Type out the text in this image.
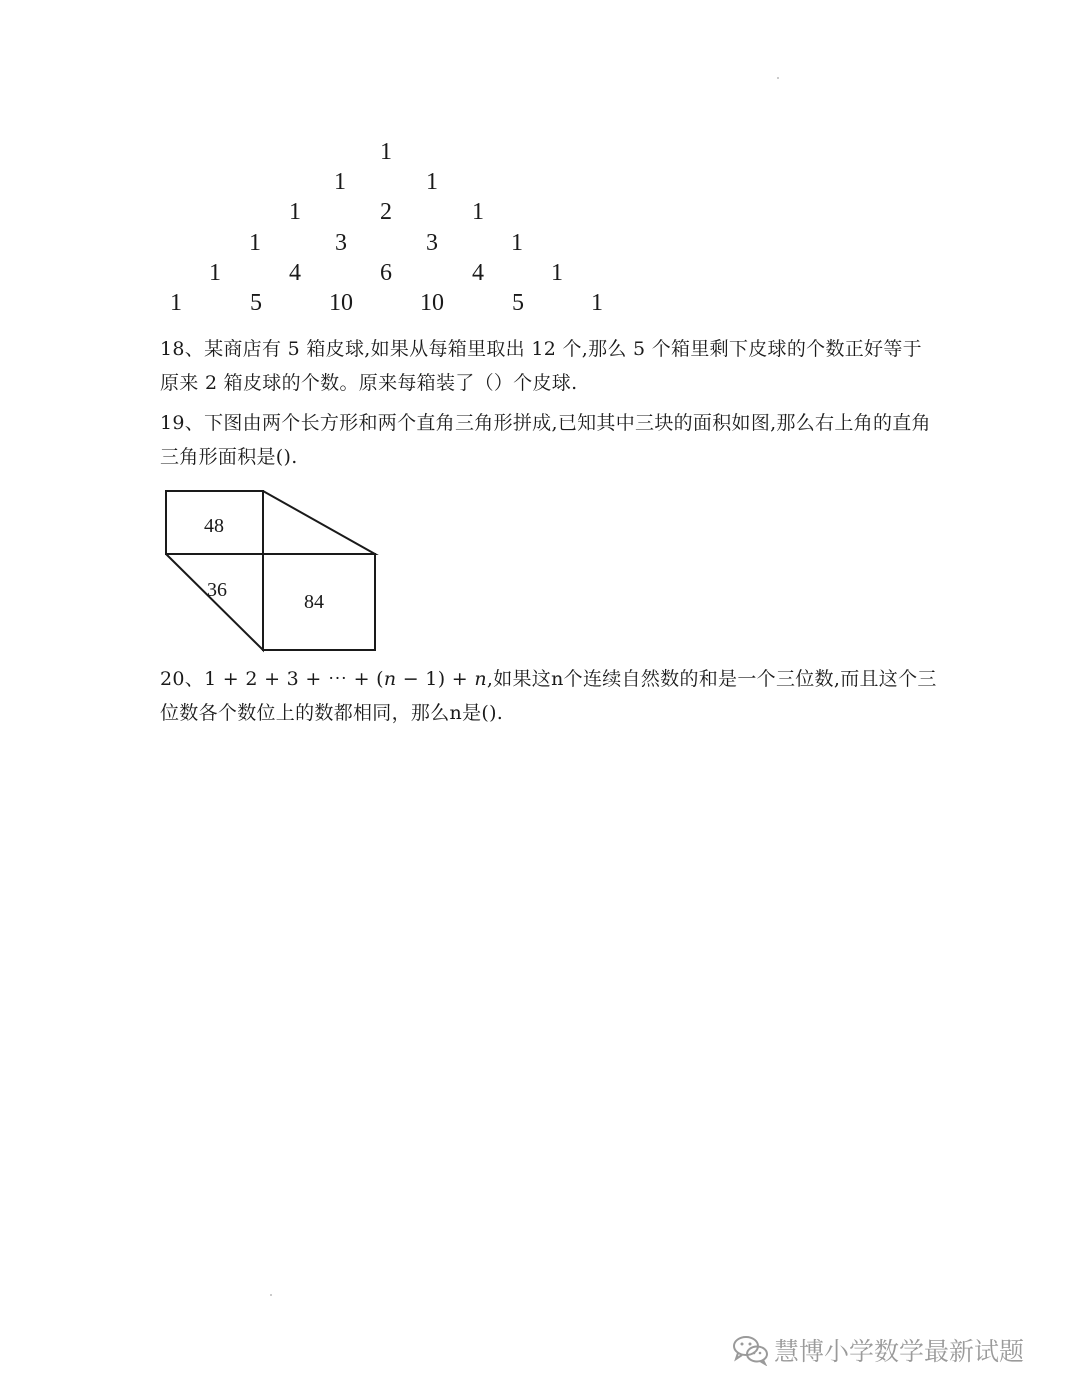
1
1	1
1	2	1
1	3	3	1
1	4	6	4	1
1	5	10	10	5	1
18、某商店有 5 箱皮球,如果从每箱里取出 12 个,那么 5 个箱里剩下皮球的个数正好等于原来 2 箱皮球的个数。原来每箱装了（）个皮球.
19、下图由两个长方形和两个直角三角形拼成,已知其中三块的面积如图,那么右上角的直角三角形面积是().
48
36
84
20、1 + 2 + 3 + ⋯ + (n − 1) + n,如果这n个连续自然数的和是一个三位数,而且这个三位数各个数位上的数都相同，那么n是().
慧博小学数学最新试题
